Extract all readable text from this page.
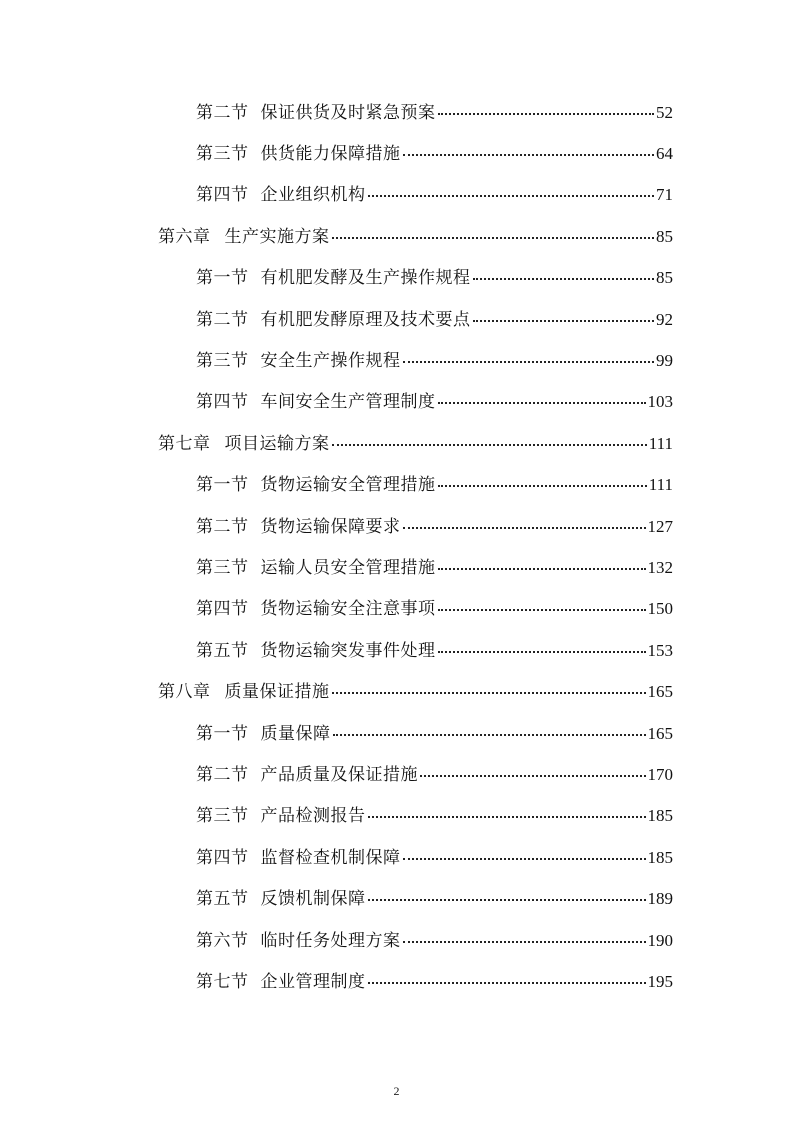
第二节 保证供货及时紧急预案	52
第三节 供货能力保障措施	64
第四节 企业组织机构	71
第六章 生产实施方案	85
第一节 有机肥发酵及生产操作规程	85
第二节 有机肥发酵原理及技术要点	92
第三节 安全生产操作规程	99
第四节 车间安全生产管理制度	103
第七章 项目运输方案	111
第一节 货物运输安全管理措施	111
第二节 货物运输保障要求	127
第三节 运输人员安全管理措施	132
第四节 货物运输安全注意事项	150
第五节 货物运输突发事件处理	153
第八章 质量保证措施	165
第一节 质量保障	165
第二节 产品质量及保证措施	170
第三节 产品检测报告	185
第四节 监督检查机制保障	185
第五节 反馈机制保障	189
第六节 临时任务处理方案	190
第七节 企业管理制度	195
2
